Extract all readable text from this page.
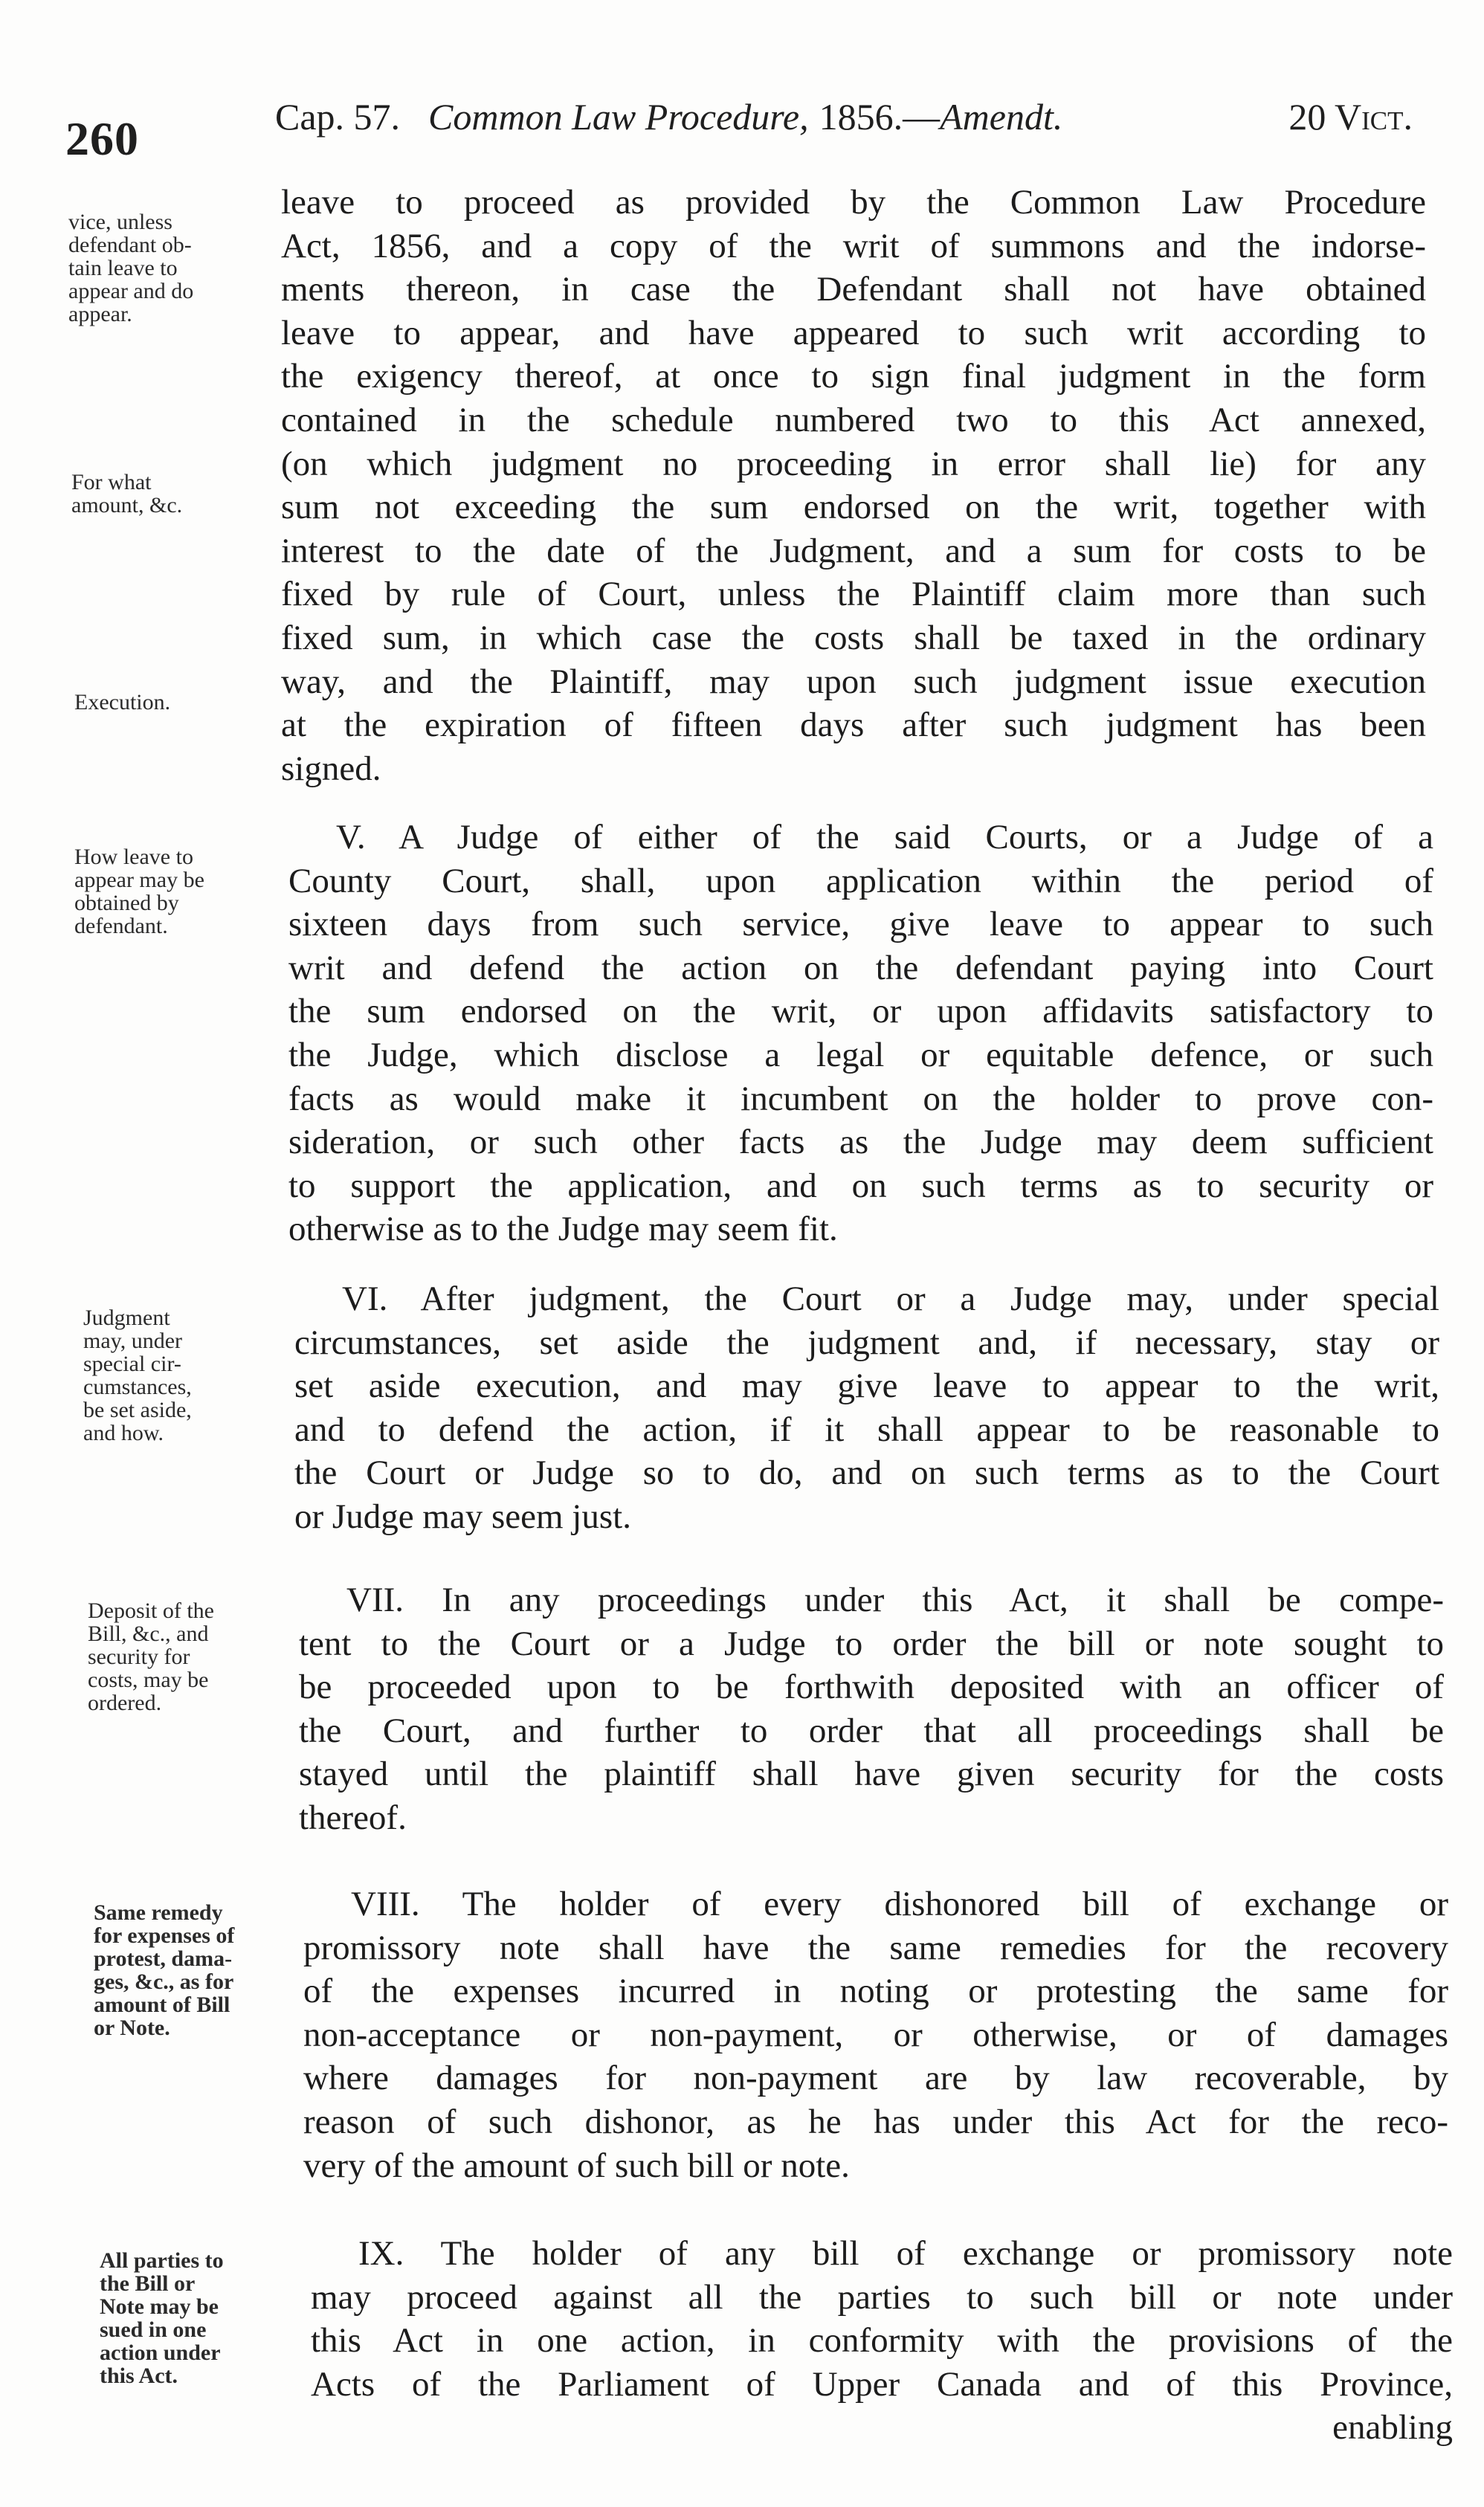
260	Cap. 57. Common Law Procedure, 1856.— Amendt.	20 Vict.
vice, unless
defendant ob-
tain leave to
appear and do
appear.
For what
amount, &c.
Execution.
How leave to
appear may be
obtained by
defendant.
Judgment
may, under
special cir-
cumstances,
be set aside,
and how.
Deposit of the
Bill, &c., and
security for
costs, may be
ordered.
Same remedy
for expenses of
protest, dama-
ges, &c., as for
amount of Bill
or Note.
All parties to
the Bill or
Note may be
sued in one
action under
this Act.
leave to proceed as provided by the Common Law Procedure
Act, 1856, and a copy of the writ of summons and the indorse-
ments thereon, in case the Defendant shall not have obtained
leave to appear, and have appeared to such writ according to
the exigency thereof, at once to sign final judgment in the form
contained in the schedule numbered two to this Act annexed,
(on which judgment no proceeding in error shall lie) for any
sum not exceeding the sum endorsed on the writ, together with
interest to the date of the Judgment, and a sum for costs to be
fixed by rule of Court, unless the Plaintiff claim more than such
fixed sum, in which case the costs shall be taxed in the ordinary
way, and the Plaintiff, may upon such judgment issue execution
at the expiration of fifteen days after such judgment has been
signed.
V. A Judge of either of the said Courts, or a Judge of a
County Court, shall, upon application within the period of
sixteen days from such service, give leave to appear to such
writ and defend the action on the defendant paying into Court
the sum endorsed on the writ, or upon affidavits satisfactory to
the Judge, which disclose a legal or equitable defence, or such
facts as would make it incumbent on the holder to prove con-
sideration, or such other facts as the Judge may deem sufficient
to support the application, and on such terms as to security or
otherwise as to the Judge may seem fit.
VI. After judgment, the Court or a Judge may, under special
circumstances, set aside the judgment and, if necessary, stay or
set aside execution, and may give leave to appear to the writ,
and to defend the action, if it shall appear to be reasonable to
the Court or Judge so to do, and on such terms as to the Court
or Judge may seem just.
VII. In any proceedings under this Act, it shall be compe-
tent to the Court or a Judge to order the bill or note sought to
be proceeded upon to be forthwith deposited with an officer of
the Court, and further to order that all proceedings shall be
stayed until the plaintiff shall have given security for the costs
thereof.
VIII. The holder of every dishonored bill of exchange or
promissory note shall have the same remedies for the recovery
of the expenses incurred in noting or protesting the same for
non-acceptance or non-payment, or otherwise, or of damages
where damages for non-payment are by law recoverable, by
reason of such dishonor, as he has under this Act for the reco-
very of the amount of such bill or note.
IX. The holder of any bill of exchange or promissory note
may proceed against all the parties to such bill or note under
this Act in one action, in conformity with the provisions of the
Acts of the Parliament of Upper Canada and of this Province,
enabling
